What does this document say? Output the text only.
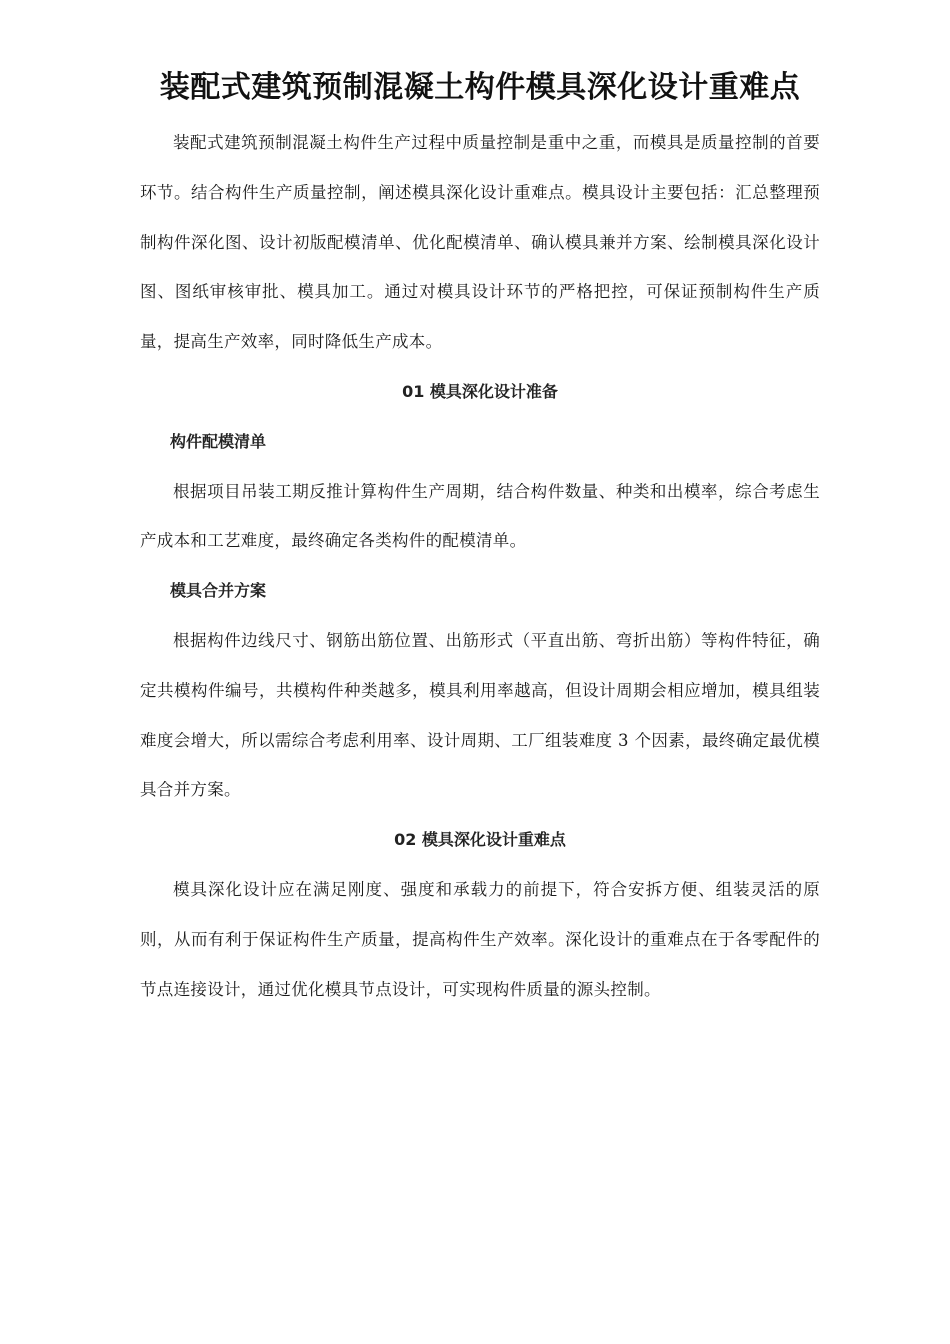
装配式建筑预制混凝土构件模具深化设计重难点

装配式建筑预制混凝土构件生产过程中质量控制是重中之重，而模具是质量控制的首要环节。结合构件生产质量控制，阐述模具深化设计重难点。模具设计主要包括：汇总整理预制构件深化图、设计初版配模清单、优化配模清单、确认模具兼并方案、绘制模具深化设计图、图纸审核审批、模具加工。通过对模具设计环节的严格把控，可保证预制构件生产质量，提高生产效率，同时降低生产成本。

01 模具深化设计准备

构件配模清单

根据项目吊装工期反推计算构件生产周期，结合构件数量、种类和出模率，综合考虑生产成本和工艺难度，最终确定各类构件的配模清单。

模具合并方案

根据构件边线尺寸、钢筋出筋位置、出筋形式（平直出筋、弯折出筋）等构件特征，确定共模构件编号，共模构件种类越多，模具利用率越高，但设计周期会相应增加，模具组装难度会增大，所以需综合考虑利用率、设计周期、工厂组装难度 3 个因素，最终确定最优模具合并方案。

02 模具深化设计重难点

模具深化设计应在满足刚度、强度和承载力的前提下，符合安拆方便、组装灵活的原则，从而有利于保证构件生产质量，提高构件生产效率。深化设计的重难点在于各零配件的节点连接设计，通过优化模具节点设计，可实现构件质量的源头控制。
